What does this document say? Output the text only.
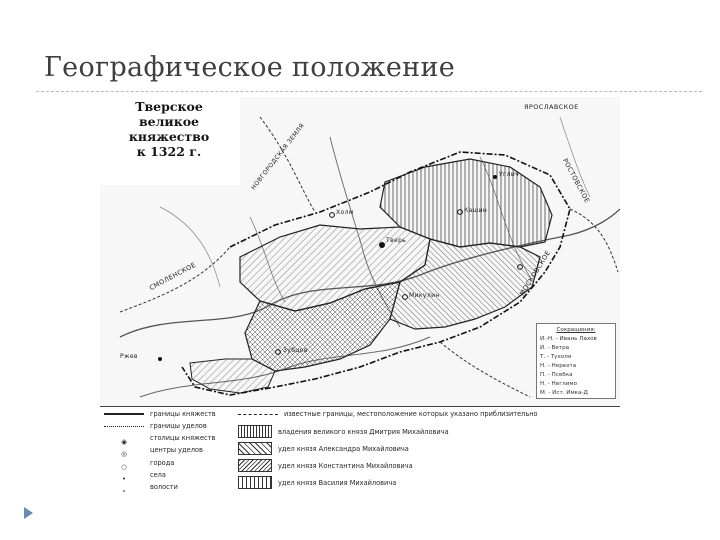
Географическое положение
Тверское
великое
княжество
к 1322 г.
ЯРОСЛАВСКОЕ
НОВГОРОДСКАЯ ЗЕМЛЯ
СМОЛЕНСКОЕ	МОСКОВСКОЕ
РОСТОВСКОЕ
Тверь
Зубцов
Кашин
Ржев
Холм
Микулин
Углич
Сокращения:
И.-Н. - Ивань Лахов
И. - Ветра
Т. - Тухоля
Н. - Нерехта
П. - Псебка
Н. - Неглимо
М. - Ист. Имка-Д
границы княжеств
границы уделов
◉	столицы княжеств
◎	центры уделов
○	города
•	села
∘	волости
известные границы, местоположение которых указано приблизительно
владения великого князя Дмитрия Михайловича
удел князя Александра Михайловича
удел князя Константина Михайловича
удел князя Василия Михайловича
